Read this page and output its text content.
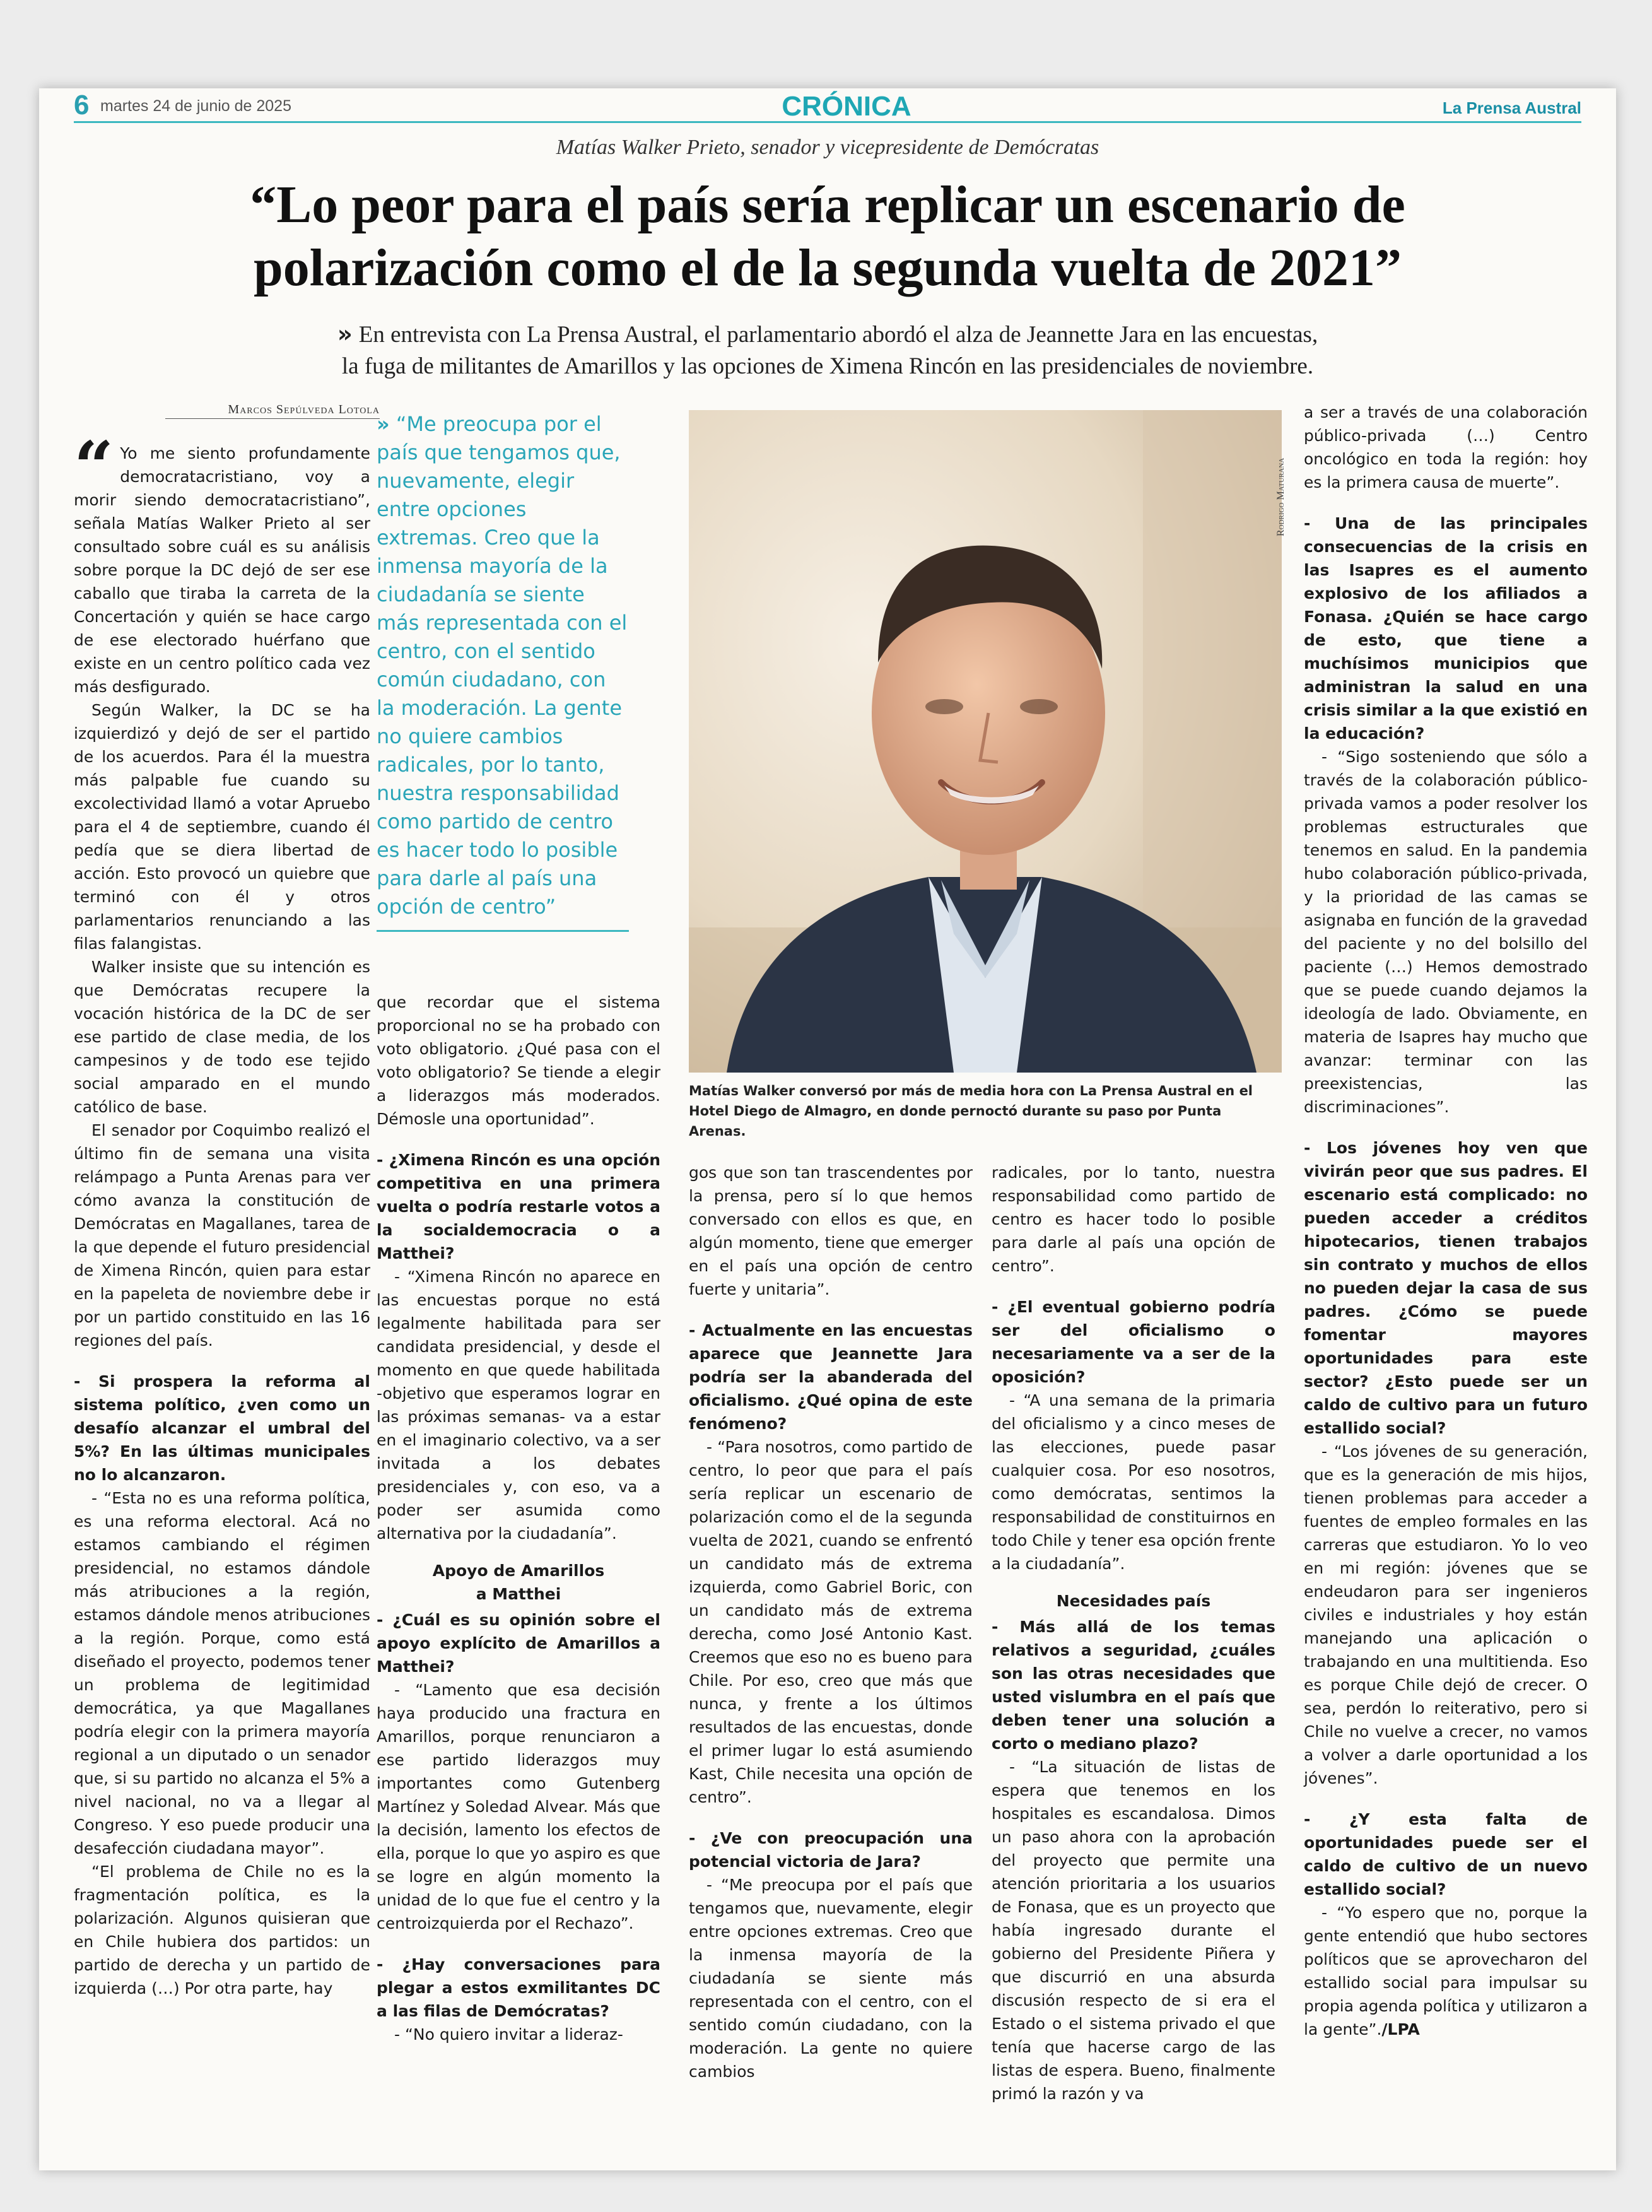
6 martes 24 de junio de 2025	CRÓNICA	La Prensa Austral
Matías Walker Prieto, senador y vicepresidente de Demócratas
“Lo peor para el país sería replicar un escenario de
polarización como el de la segunda vuelta de 2021”
» En entrevista con La Prensa Austral, el parlamentario abordó el alza de Jeannette Jara en las encuestas,
la fuga de militantes de Amarillos y las opciones de Ximena Rincón en las presidenciales de noviembre.
Marcos Sepúlveda Lotola

“ Yo me siento profundamente democratacristiano, voy a morir siendo democratacristiano”, señala Matías Walker Prieto al ser consultado sobre cuál es su análisis sobre porque la DC dejó de ser ese caballo que tiraba la carreta de la Concertación y quién se hace cargo de ese electorado huérfano que existe en un centro político cada vez más desfigurado.

Según Walker, la DC se ha izquierdizó y dejó de ser el partido de los acuerdos. Para él la muestra más palpable fue cuando su excolectividad llamó a votar Apruebo para el 4 de septiembre, cuando él pedía que se diera libertad de acción. Esto provocó un quiebre que terminó con él y otros parlamentarios renunciando a las filas falangistas.

Walker insiste que su intención es que Demócratas recupere la vocación histórica de la DC de ser ese partido de clase media, de los campesinos y de todo ese tejido social amparado en el mundo católico de base.

El senador por Coquimbo realizó el último fin de semana una visita relámpago a Punta Arenas para ver cómo avanza la constitución de Demócratas en Magallanes, tarea de la que depende el futuro presidencial de Ximena Rincón, quien para estar en la papeleta de noviembre debe ir por un partido constituido en las 16 regiones del país.

- Si prospera la reforma al sistema político, ¿ven como un desafío alcanzar el umbral del 5%? En las últimas municipales no lo alcanzaron.

- “Esta no es una reforma política, es una reforma electoral. Acá no estamos cambiando el régimen presidencial, no estamos dándole más atribuciones a la región, estamos dándole menos atribuciones a la región. Porque, como está diseñado el proyecto, podemos tener un problema de legitimidad democrática, ya que Magallanes podría elegir con la primera mayoría regional a un diputado o un senador que, si su partido no alcanza el 5% a nivel nacional, no va a llegar al Congreso. Y eso puede producir una desafección ciudadana mayor”.

“El problema de Chile no es la fragmentación política, es la polarización. Algunos quisieran que en Chile hubiera dos partidos: un partido de derecha y un partido de izquierda (…) Por otra parte, hay

» “Me preocupa por el país que tengamos que, nuevamente, elegir entre opciones extremas. Creo que la inmensa mayoría de la ciudadanía se siente más representada con el centro, con el sentido común ciudadano, con la moderación. La gente no quiere cambios radicales, por lo tanto, nuestra responsabilidad como partido de centro es hacer todo lo posible para darle al país una opción de centro”

que recordar que el sistema proporcional no se ha probado con voto obligatorio. ¿Qué pasa con el voto obligatorio? Se tiende a elegir a liderazgos más moderados. Démosle una oportunidad”.

- ¿Ximena Rincón es una opción competitiva en una primera vuelta o podría restarle votos a la socialdemocracia o a Matthei?

- “Ximena Rincón no aparece en las encuestas porque no está legalmente habilitada para ser candidata presidencial, y desde el momento en que quede habilitada -objetivo que esperamos lograr en las próximas semanas- va a estar en el imaginario colectivo, va a ser invitada a los debates presidenciales y, con eso, va a poder ser asumida como alternativa por la ciudadanía”.

Apoyo de Amarillos
a Matthei

- ¿Cuál es su opinión sobre el apoyo explícito de Amarillos a Matthei?

- “Lamento que esa decisión haya producido una fractura en Amarillos, porque renunciaron a ese partido liderazgos muy importantes como Gutenberg Martínez y Soledad Alvear. Más que la decisión, lamento los efectos de ella, porque lo que yo aspiro es que se logre en algún momento la unidad de lo que fue el centro y la centroizquierda por el Rechazo”.

- ¿Hay conversaciones para plegar a estos exmilitantes DC a las filas de Demócratas?

- “No quiero invitar a lideraz-

Rodrigo Maturana
Matías Walker conversó por más de media hora con La Prensa Austral en el Hotel Diego de Almagro, en donde pernoctó durante su paso por Punta Arenas.

gos que son tan trascendentes por la prensa, pero sí lo que hemos conversado con ellos es que, en algún momento, tiene que emerger en el país una opción de centro fuerte y unitaria”.

- Actualmente en las encuestas aparece que Jeannette Jara podría ser la abanderada del oficialismo. ¿Qué opina de este fenómeno?

- “Para nosotros, como partido de centro, lo peor que para el país sería replicar un escenario de polarización como el de la segunda vuelta de 2021, cuando se enfrentó un candidato más de extrema izquierda, como Gabriel Boric, con un candidato más de extrema derecha, como José Antonio Kast. Creemos que eso no es bueno para Chile. Por eso, creo que más que nunca, y frente a los últimos resultados de las encuestas, donde el primer lugar lo está asumiendo Kast, Chile necesita una opción de centro”.

- ¿Ve con preocupación una potencial victoria de Jara?

- “Me preocupa por el país que tengamos que, nuevamente, elegir entre opciones extremas. Creo que la inmensa mayoría de la ciudadanía se siente más representada con el centro, con el sentido común ciudadano, con la moderación. La gente no quiere cambios

radicales, por lo tanto, nuestra responsabilidad como partido de centro es hacer todo lo posible para darle al país una opción de centro”.

- ¿El eventual gobierno podría ser del oficialismo o necesariamente va a ser de la oposición?

- “A una semana de la primaria del oficialismo y a cinco meses de las elecciones, puede pasar cualquier cosa. Por eso nosotros, como demócratas, sentimos la responsabilidad de constituirnos en todo Chile y tener esa opción frente a la ciudadanía”.

Necesidades país

- Más allá de los temas relativos a seguridad, ¿cuáles son las otras necesidades que usted vislumbra en el país que deben tener una solución a corto o mediano plazo?

- “La situación de listas de espera que tenemos en los hospitales es escandalosa. Dimos un paso ahora con la aprobación del proyecto que permite una atención prioritaria a los usuarios de Fonasa, que es un proyecto que había ingresado durante el gobierno del Presidente Piñera y que discurrió en una absurda discusión respecto de si era el Estado o el sistema privado el que tenía que hacerse cargo de las listas de espera. Bueno, finalmente primó la razón y va

a ser a través de una colaboración público-privada (…) Centro oncológico en toda la región: hoy es la primera causa de muerte”.

- Una de las principales consecuencias de la crisis en las Isapres es el aumento explosivo de los afiliados a Fonasa. ¿Quién se hace cargo de esto, que tiene a muchísimos municipios que administran la salud en una crisis similar a la que existió en la educación?

- “Sigo sosteniendo que sólo a través de la colaboración público-privada vamos a poder resolver los problemas estructurales que tenemos en salud. En la pandemia hubo colaboración público-privada, y la prioridad de las camas se asignaba en función de la gravedad del paciente y no del bolsillo del paciente (…) Hemos demostrado que se puede cuando dejamos la ideología de lado. Obviamente, en materia de Isapres hay mucho que avanzar: terminar con las preexistencias, las discriminaciones”.

- Los jóvenes hoy ven que vivirán peor que sus padres. El escenario está complicado: no pueden acceder a créditos hipotecarios, tienen trabajos sin contrato y muchos de ellos no pueden dejar la casa de sus padres. ¿Cómo se puede fomentar mayores oportunidades para este sector? ¿Esto puede ser un caldo de cultivo para un futuro estallido social?

- “Los jóvenes de su generación, que es la generación de mis hijos, tienen problemas para acceder a fuentes de empleo formales en las carreras que estudiaron. Yo lo veo en mi región: jóvenes que se endeudaron para ser ingenieros civiles e industriales y hoy están manejando una aplicación o trabajando en una multitienda. Eso es porque Chile dejó de crecer. O sea, perdón lo reiterativo, pero si Chile no vuelve a crecer, no vamos a volver a darle oportunidad a los jóvenes”.

- ¿Y esta falta de oportunidades puede ser el caldo de cultivo de un nuevo estallido social?

- “Yo espero que no, porque la gente entendió que hubo sectores políticos que se aprovecharon del estallido social para impulsar su propia agenda política y utilizaron a la gente”./LPA
